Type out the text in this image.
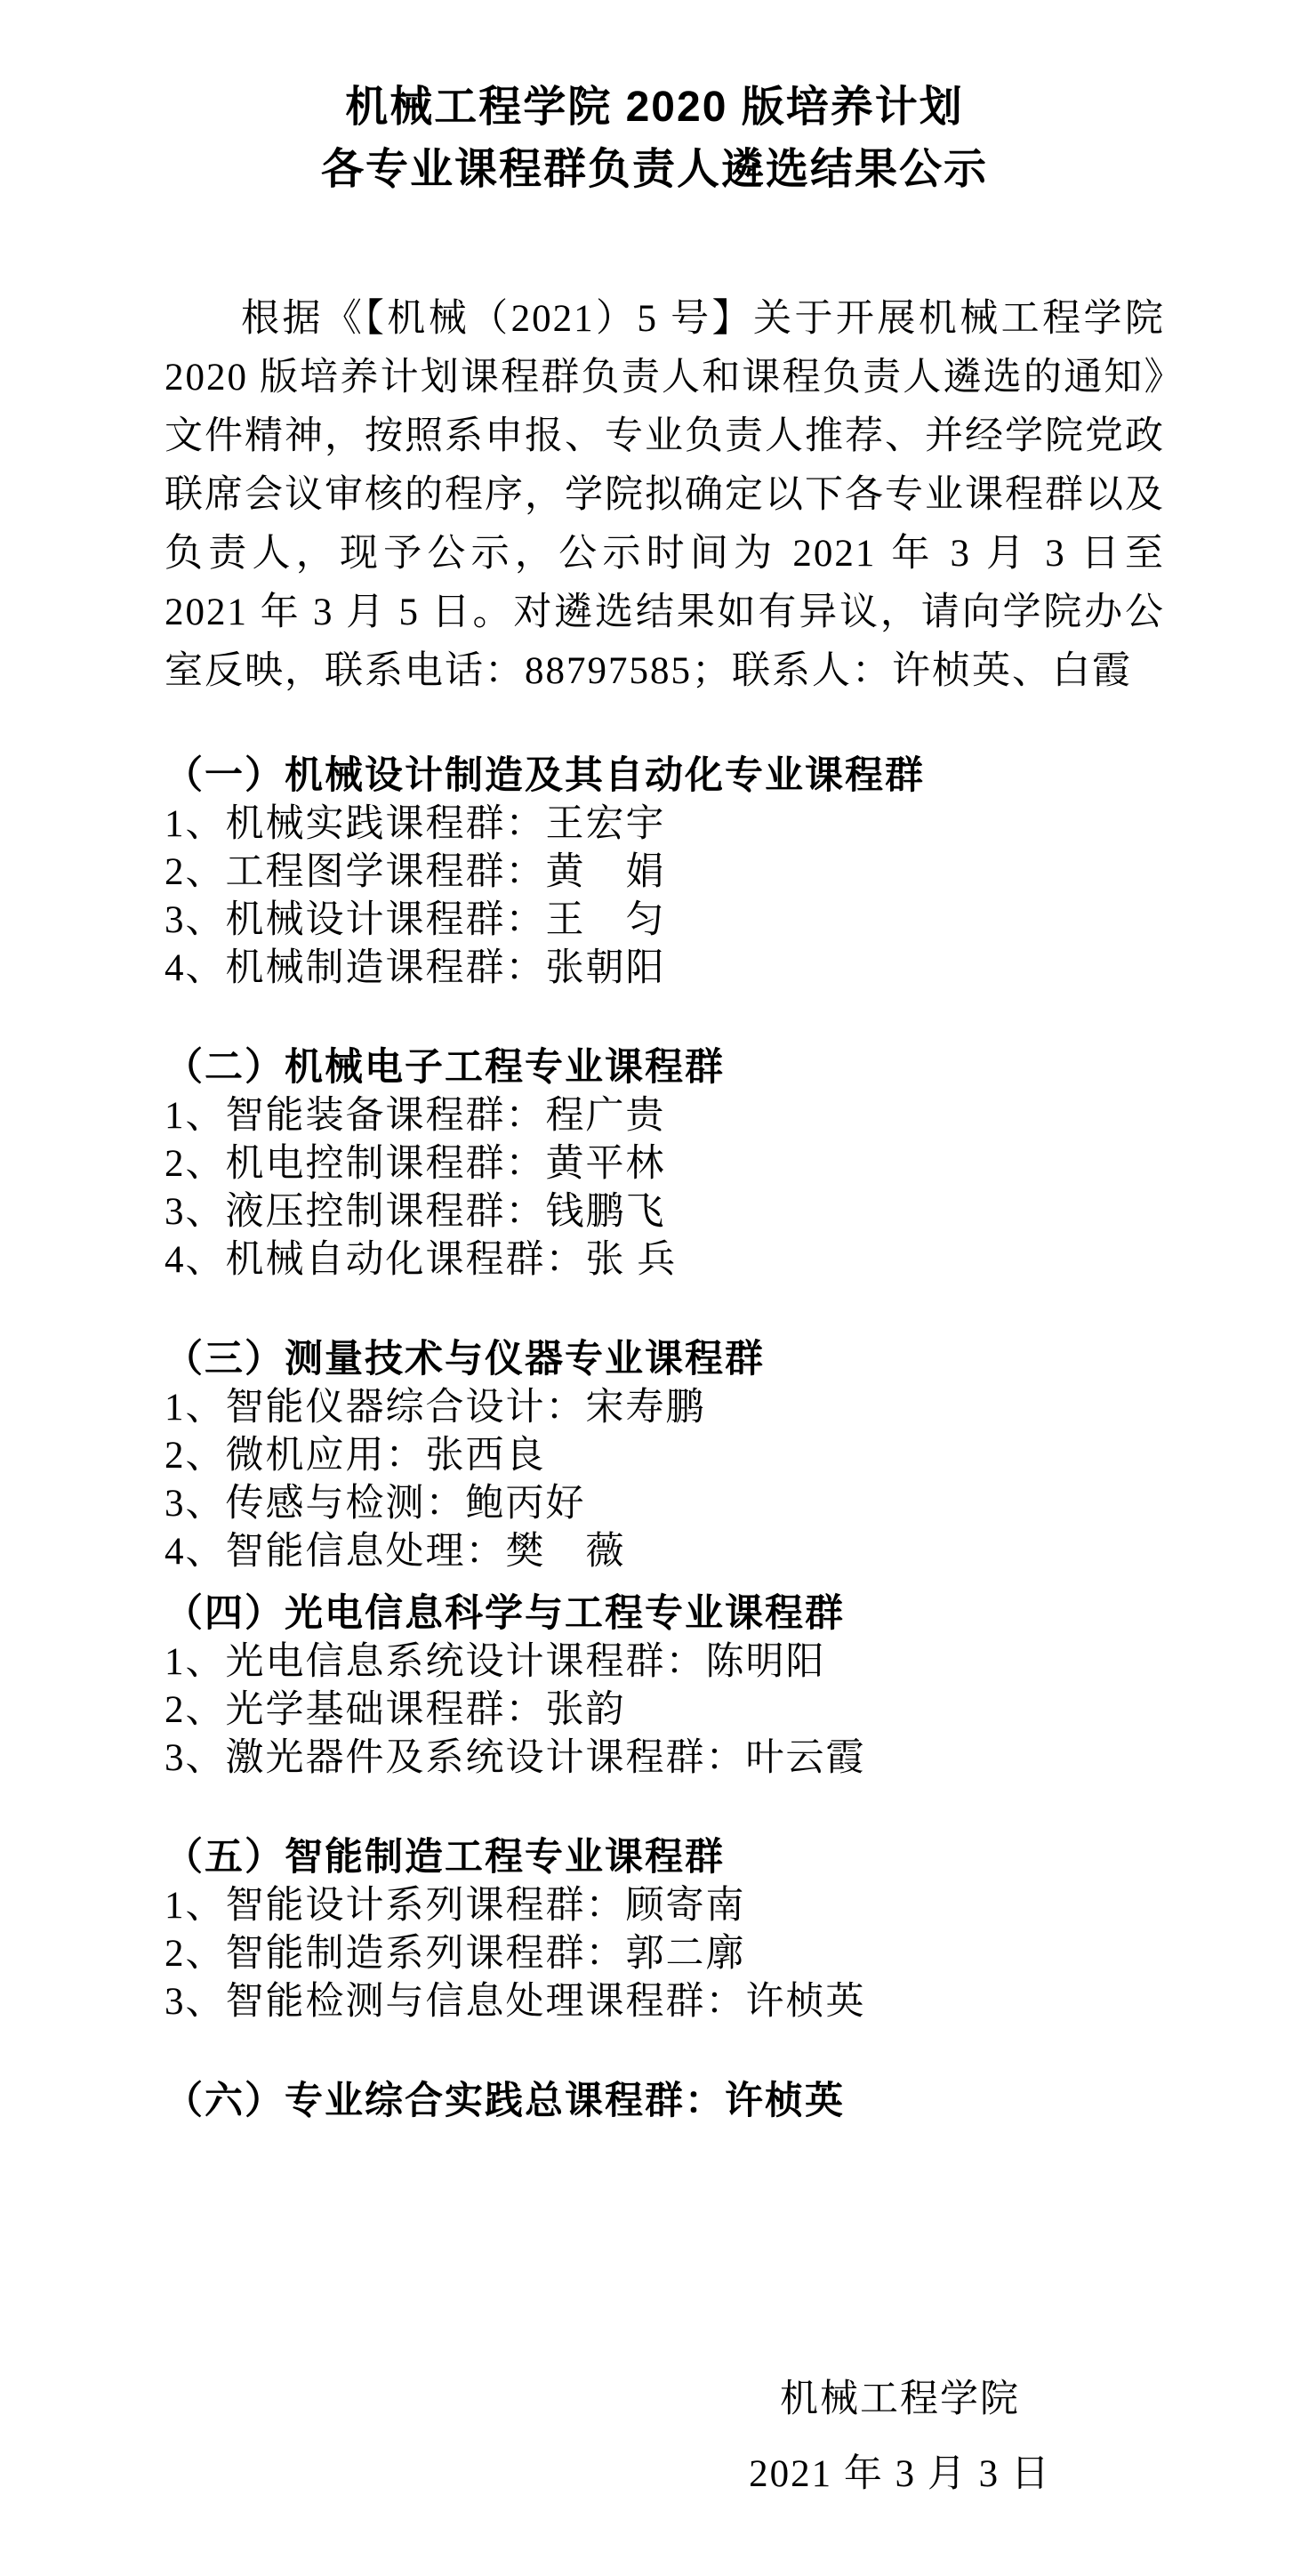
机械工程学院 2020 版培养计划
各专业课程群负责人遴选结果公示

根据《【机械（2021）5 号】关于开展机械工程学院 2020 版培养计划课程群负责人和课程负责人遴选的通知》文件精神，按照系申报、专业负责人推荐、并经学院党政联席会议审核的程序，学院拟确定以下各专业课程群以及负责人，现予公示，公示时间为 2021 年 3 月 3 日至 2021 年 3 月 5 日。对遴选结果如有异议，请向学院办公室反映，联系电话：88797585；联系人：许桢英、白霞

（一）机械设计制造及其自动化专业课程群
1、机械实践课程群：王宏宇
2、工程图学课程群：黄　娟
3、机械设计课程群：王　匀
4、机械制造课程群：张朝阳
（二）机械电子工程专业课程群
1、智能装备课程群：程广贵
2、机电控制课程群：黄平林
3、液压控制课程群：钱鹏飞
4、机械自动化课程群：张 兵
（三）测量技术与仪器专业课程群
1、智能仪器综合设计：宋寿鹏
2、微机应用：张西良
3、传感与检测：鲍丙好
4、智能信息处理：樊　薇
（四）光电信息科学与工程专业课程群
1、光电信息系统设计课程群：陈明阳
2、光学基础课程群：张韵
3、激光器件及系统设计课程群：叶云霞
（五）智能制造工程专业课程群
1、智能设计系列课程群：顾寄南
2、智能制造系列课程群：郭二廓
3、智能检测与信息处理课程群：许桢英
（六）专业综合实践总课程群：许桢英
机械工程学院
2021 年 3 月 3 日
